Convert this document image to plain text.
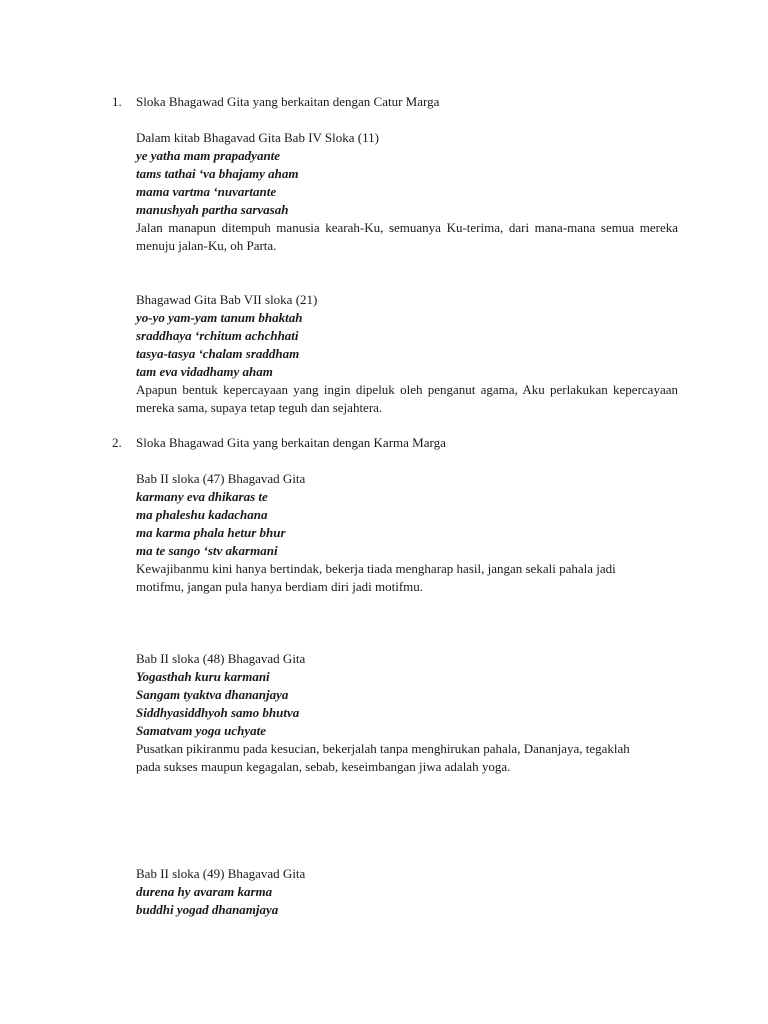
1. Sloka Bhagawad Gita yang berkaitan dengan Catur Marga
Dalam kitab Bhagavad Gita Bab IV Sloka (11)
ye yatha mam prapadyante
tams tathai ‘va bhajamy aham
mama vartma ‘nuvartante
manushyah partha sarvasah
Jalan manapun ditempuh manusia kearah-Ku, semuanya Ku-terima, dari mana-mana semua mereka menuju jalan-Ku, oh Parta.
Bhagawad Gita Bab VII sloka (21)
yo-yo yam-yam tanum bhaktah
sraddhaya ‘rchitum achchhati
tasya-tasya ‘chalam sraddham
tam eva vidadhamy aham
Apapun bentuk kepercayaan yang ingin dipeluk oleh penganut agama, Aku perlakukan kepercayaan mereka sama, supaya tetap teguh dan sejahtera.
2. Sloka Bhagawad Gita yang berkaitan dengan Karma Marga
Bab II sloka (47) Bhagavad Gita
karmany eva dhikaras te
ma phaleshu kadachana
ma karma phala hetur bhur
ma te sango ‘stv akarmani
Kewajibanmu kini hanya bertindak, bekerja tiada mengharap hasil, jangan sekali pahala jadi
motifmu, jangan pula hanya berdiam diri jadi motifmu.
Bab II sloka (48) Bhagavad Gita
Yogasthah kuru karmani
Sangam tyaktva dhananjaya
Siddhyasiddhyoh samo bhutva
Samatvam yoga uchyate
Pusatkan pikiranmu pada kesucian, bekerjalah tanpa menghirukan pahala, Dananjaya, tegaklah
pada sukses maupun kegagalan, sebab, keseimbangan jiwa adalah yoga.
Bab II sloka (49) Bhagavad Gita
durena hy avaram karma
buddhi yogad dhanamjaya
